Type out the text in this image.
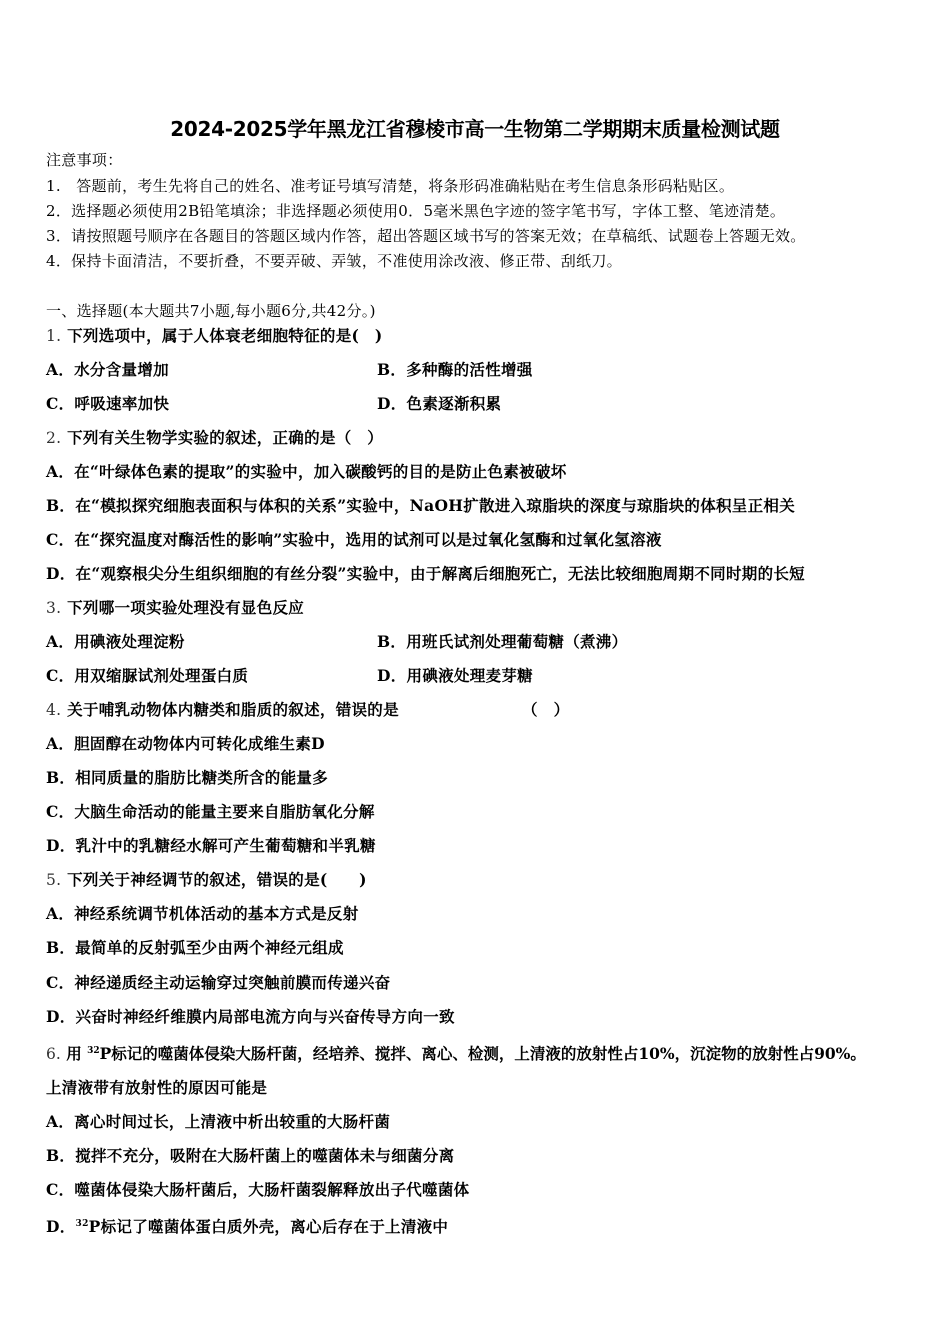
2024-2025学年黑龙江省穆棱市高一生物第二学期期末质量检测试题
注意事项：
1.　答题前，考生先将自己的姓名、准考证号填写清楚，将条形码准确粘贴在考生信息条形码粘贴区。
2．选择题必须使用2B铅笔填涂；非选择题必须使用0．5毫米黑色字迹的签字笔书写，字体工整、笔迹清楚。
3．请按照题号顺序在各题目的答题区域内作答，超出答题区域书写的答案无效；在草稿纸、试题卷上答题无效。
4．保持卡面清洁，不要折叠，不要弄破、弄皱，不准使用涂改液、修正带、刮纸刀。
一、选择题(本大题共7小题,每小题6分,共42分。)
1. 下列选项中，属于人体衰老细胞特征的是(　)
A．水分含量增加	B．多种酶的活性增强
C．呼吸速率加快	D．色素逐渐积累
2. 下列有关生物学实验的叙述，正确的是（　）
A．在“叶绿体色素的提取”的实验中，加入碳酸钙的目的是防止色素被破坏
B．在“模拟探究细胞表面积与体积的关系”实验中，NaOH扩散进入琼脂块的深度与琼脂块的体积呈正相关
C．在“探究温度对酶活性的影响”实验中，选用的试剂可以是过氧化氢酶和过氧化氢溶液
D．在“观察根尖分生组织细胞的有丝分裂”实验中，由于解离后细胞死亡，无法比较细胞周期不同时期的长短
3. 下列哪一项实验处理没有显色反应
A．用碘液处理淀粉	B．用班氏试剂处理葡萄糖（煮沸）
C．用双缩脲试剂处理蛋白质	D．用碘液处理麦芽糖
4. 关于哺乳动物体内糖类和脂质的叙述，错误的是	（　）
A．胆固醇在动物体内可转化成维生素D
B．相同质量的脂肪比糖类所含的能量多
C．大脑生命活动的能量主要来自脂肪氧化分解
D．乳汁中的乳糖经水解可产生葡萄糖和半乳糖
5. 下列关于神经调节的叙述，错误的是(　　)
A．神经系统调节机体活动的基本方式是反射
B．最简单的反射弧至少由两个神经元组成
C．神经递质经主动运输穿过突触前膜而传递兴奋
D．兴奋时神经纤维膜内局部电流方向与兴奋传导方向一致
6. 用 $^{32}$P标记的噬菌体侵染大肠杆菌，经培养、搅拌、离心、检测，上清液的放射性占10%，沉淀物的放射性占90%。
上清液带有放射性的原因可能是
A．离心时间过长，上清液中析出较重的大肠杆菌
B．搅拌不充分，吸附在大肠杆菌上的噬菌体未与细菌分离
C．噬菌体侵染大肠杆菌后，大肠杆菌裂解释放出子代噬菌体
D．$^{32}$P标记了噬菌体蛋白质外壳，离心后存在于上清液中
